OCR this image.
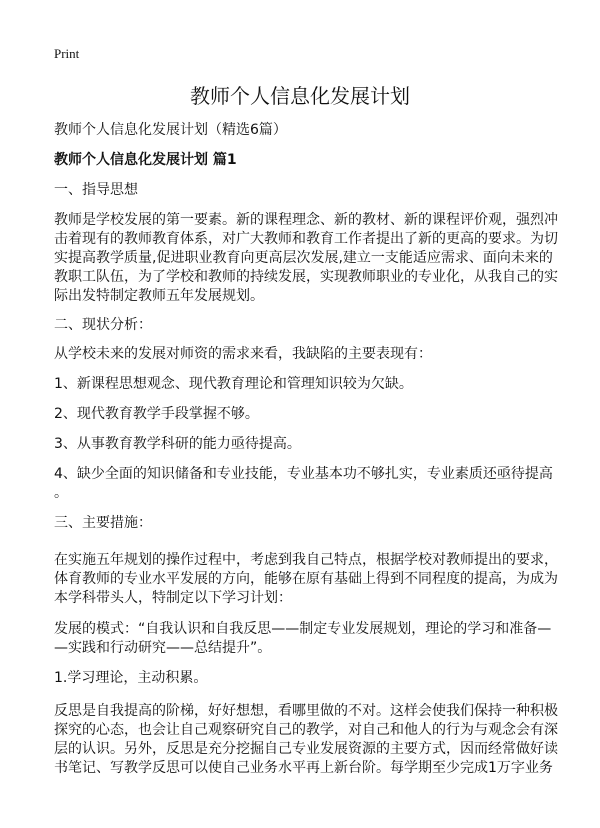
Print
教师个人信息化发展计划
教师个人信息化发展计划（精选6篇）
教师个人信息化发展计划 篇1
一、指导思想
教师是学校发展的第一要素。新的课程理念、新的教材、新的课程评价观，强烈冲
击着现有的教师教育体系，对广大教师和教育工作者提出了新的更高的要求。为切
实提高教学质量,促进职业教育向更高层次发展,建立一支能适应需求、面向未来的
教职工队伍，为了学校和教师的持续发展，实现教师职业的专业化，从我自己的实
际出发特制定教师五年发展规划。
二、现状分析：
从学校未来的发展对师资的需求来看，我缺陷的主要表现有：
1、新课程思想观念、现代教育理论和管理知识较为欠缺。
2、现代教育教学手段掌握不够。
3、从事教育教学科研的能力亟待提高。
4、缺少全面的知识储备和专业技能，专业基本功不够扎实，专业素质还亟待提高
。
三、主要措施：
在实施五年规划的操作过程中，考虑到我自己特点，根据学校对教师提出的要求，
体育教师的专业水平发展的方向，能够在原有基础上得到不同程度的提高，为成为
本学科带头人，特制定以下学习计划：
发展的模式：“自我认识和自我反思——制定专业发展规划，理论的学习和准备—
—实践和行动研究——总结提升”。
1.学习理论，主动积累。
反思是自我提高的阶梯，好好想想，看哪里做的不对。这样会使我们保持一种积极
探究的心态，也会让自己观察研究自己的教学，对自己和他人的行为与观念会有深
层的认识。另外，反思是充分挖掘自己专业发展资源的主要方式，因而经常做好读
书笔记、写教学反思可以使自己业务水平再上新台阶。每学期至少完成1万字业务
